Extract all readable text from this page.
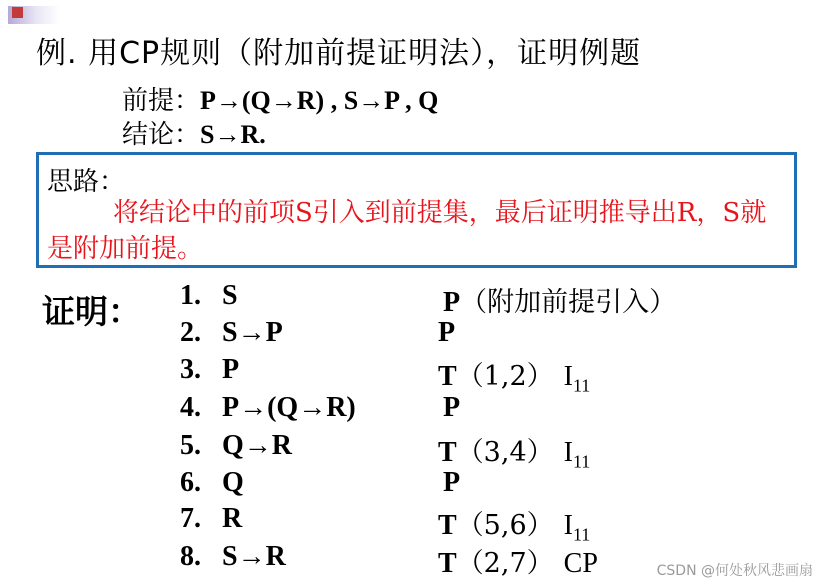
例. 用CP规则（附加前提证明法），证明例题
前提：P→(Q→R) , S→P , Q
结论：S→R.
思路：
将结论中的前项S引入到前提集，最后证明推导出R，S就是附加前提。
证明： 1. S	P（附加前提引入）
2. S→P	P
3. P	T（1,2） $I_{11}$
4. P→(Q→R)	P
5. Q→R	T（3,4） $I_{11}$
6. Q	P
7. R	T（5,6） $I_{11}$
8. S→R	T（2,7） CP	CSDN @何处秋风悲画扇
